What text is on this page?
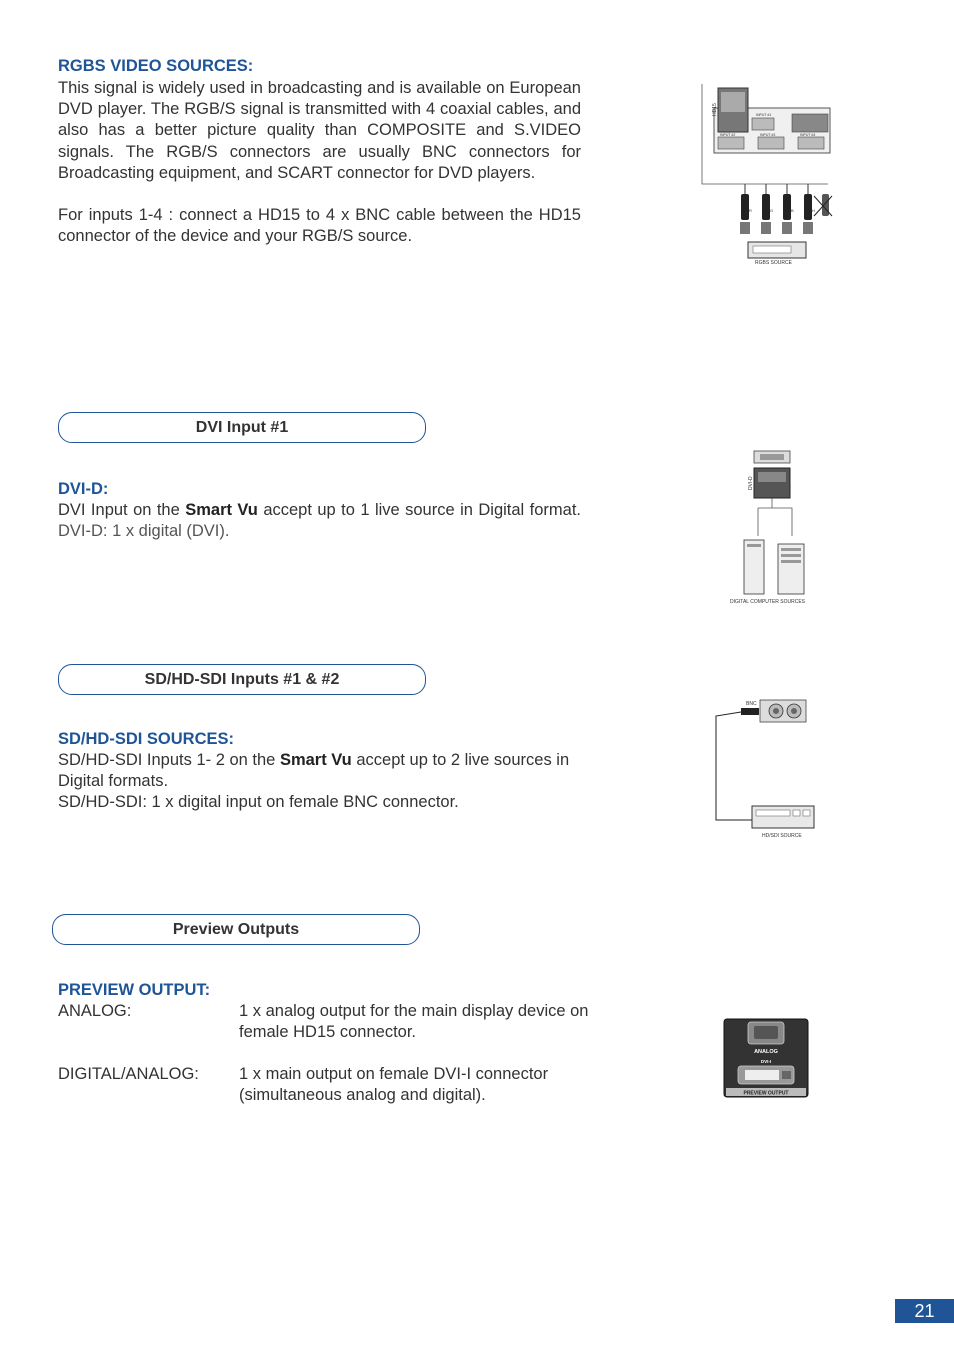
RGBS VIDEO SOURCES:

This signal is widely used in broadcasting and is available on European DVD player. The RGB/S signal is transmitted with 4 coaxial cables, and also has a better picture quality than COMPOSITE and S.VIDEO signals. The RGB/S connectors are usually BNC connectors for Broadcasting equipment, and SCART connector for DVD players.

For inputs 1-4 : connect a HD15 to 4 x BNC cable between the HD15 connector of the device and your RGB/S source.

HD15	INPUT #1
INPUT #2	INPUT #3	INPUT #4
R	G	B	H
RGBS SOURCE
DVI Input #1
DVI-D:

DVI Input on the Smart Vu accept up to 1 live source in Digital format. DVI-D: 1 x digital (DVI).

DVI-D
DIGITAL COMPUTER SOURCES
SD/HD-SDI Inputs #1 & #2
SD/HD-SDI SOURCES:

SD/HD-SDI Inputs 1- 2 on the Smart Vu accept up to 2 live sources in Digital formats.

SD/HD-SDI: 1 x digital input on female BNC connector.

BNC
HD/SDI SOURCE
Preview Outputs
PREVIEW OUTPUT:
ANALOG:	1 x analog output for the main display device on female HD15 connector.
DIGITAL/ANALOG: 1 x main output on female DVI-I connector (simultaneous analog and digital).
ANALOG
DVI-I
PREVIEW OUTPUT
21
